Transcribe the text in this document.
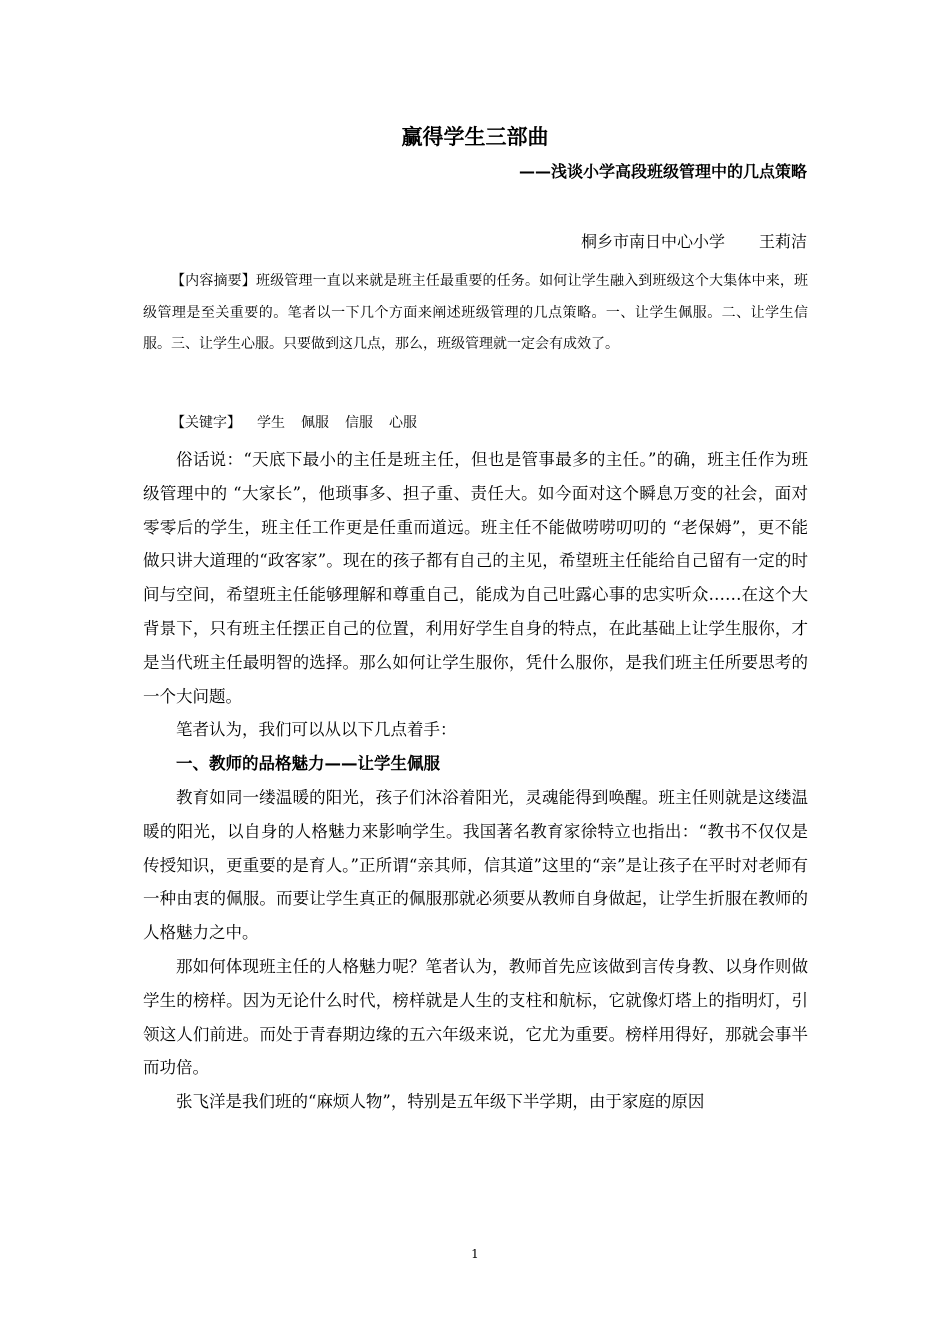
赢得学生三部曲
——浅谈小学高段班级管理中的几点策略
桐乡市南日中心小学 王莉洁
【内容摘要】班级管理一直以来就是班主任最重要的任务。如何让学生融入到班级这个大集体中来，班级管理是至关重要的。笔者以一下几个方面来阐述班级管理的几点策略。一、让学生佩服。二、让学生信服。三、让学生心服。只要做到这几点，那么，班级管理就一定会有成效了。
【关键字】 学生 佩服 信服 心服

俗话说：“天底下最小的主任是班主任，但也是管事最多的主任。”的确，班主任作为班级管理中的 “大家长”，他琐事多、担子重、责任大。如今面对这个瞬息万变的社会，面对零零后的学生，班主任工作更是任重而道远。班主任不能做唠唠叨叨的 “老保姆”，更不能做只讲大道理的“政客家”。现在的孩子都有自己的主见，希望班主任能给自己留有一定的时间与空间，希望班主任能够理解和尊重自己，能成为自己吐露心事的忠实听众……在这个大背景下，只有班主任摆正自己的位置，利用好学生自身的特点，在此基础上让学生服你，才是当代班主任最明智的选择。那么如何让学生服你，凭什么服你，是我们班主任所要思考的一个大问题。

笔者认为，我们可以从以下几点着手：

一、教师的品格魅力——让学生佩服

教育如同一缕温暖的阳光，孩子们沐浴着阳光，灵魂能得到唤醒。班主任则就是这缕温暖的阳光，以自身的人格魅力来影响学生。我国著名教育家徐特立也指出：“教书不仅仅是传授知识，更重要的是育人。”正所谓“亲其师，信其道”这里的“亲”是让孩子在平时对老师有一种由衷的佩服。而要让学生真正的佩服那就必须要从教师自身做起，让学生折服在教师的人格魅力之中。

那如何体现班主任的人格魅力呢？笔者认为，教师首先应该做到言传身教、以身作则做学生的榜样。因为无论什么时代，榜样就是人生的支柱和航标，它就像灯塔上的指明灯，引领这人们前进。而处于青春期边缘的五六年级来说，它尤为重要。榜样用得好，那就会事半而功倍。

张飞洋是我们班的“麻烦人物”，特别是五年级下半学期，由于家庭的原因

1
